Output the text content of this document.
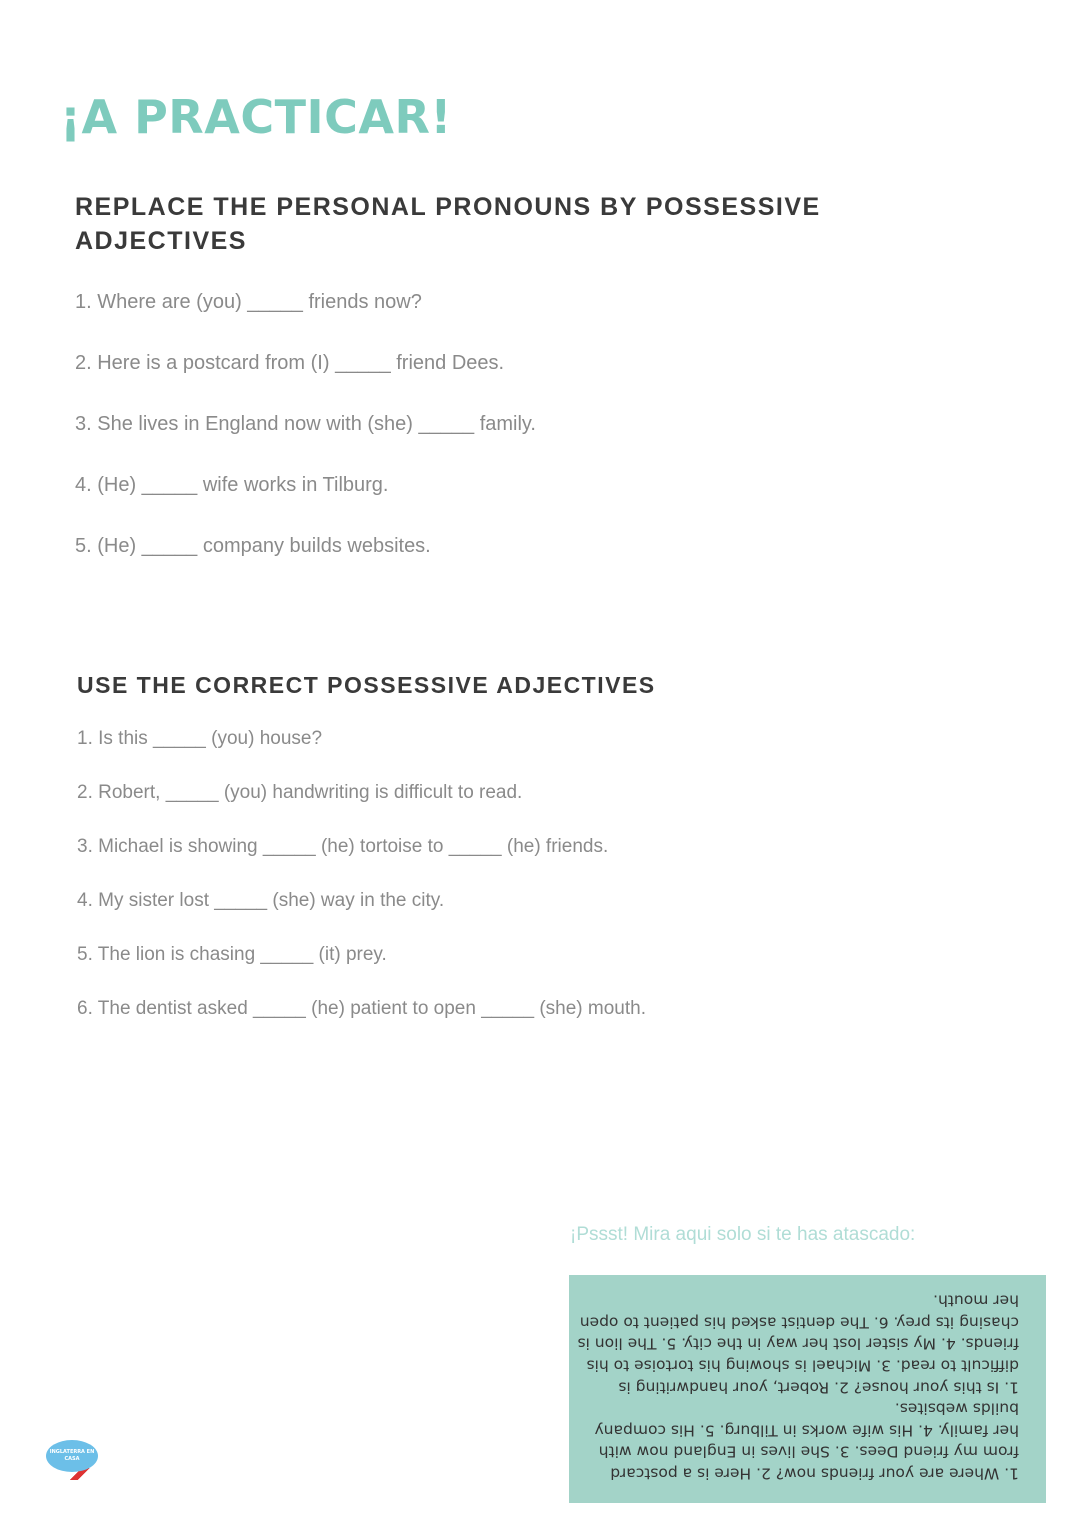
¡A PRACTICAR!
REPLACE THE PERSONAL PRONOUNS BY POSSESSIVE
ADJECTIVES
1. Where are (you) _____ friends now?
2. Here is a postcard from (I) _____ friend Dees.
3. She lives in England now with (she) _____ family.
4. (He) _____ wife works in Tilburg.
5. (He) _____ company builds websites.
USE THE CORRECT POSSESSIVE ADJECTIVES
1. Is this _____ (you) house?
2. Robert, _____ (you) handwriting is difficult to read.
3. Michael is showing _____ (he) tortoise to _____ (he) friends.
4. My sister lost _____ (she) way in the city.
5. The lion is chasing _____ (it) prey.
6. The dentist asked _____ (he) patient to open _____ (she) mouth.
¡Pssst! Mira aqui solo si te has atascado:
1. Where are your friends now? 2. Here is a postcard
from my friend Dees. 3. She lives in England now with
her family. 4. His wife works in Tilburg. 5. His company
builds websites.
1. Is this your house? 2. Robert, your handwriting is
difficult to read. 3. Michael is showing his tortoise to his
friends. 4. My sister lost her way in the city. 5. The lion is
chasing its prey. 6. The dentist asked his patient to open
her mouth.
INGLATERRA EN CASA
